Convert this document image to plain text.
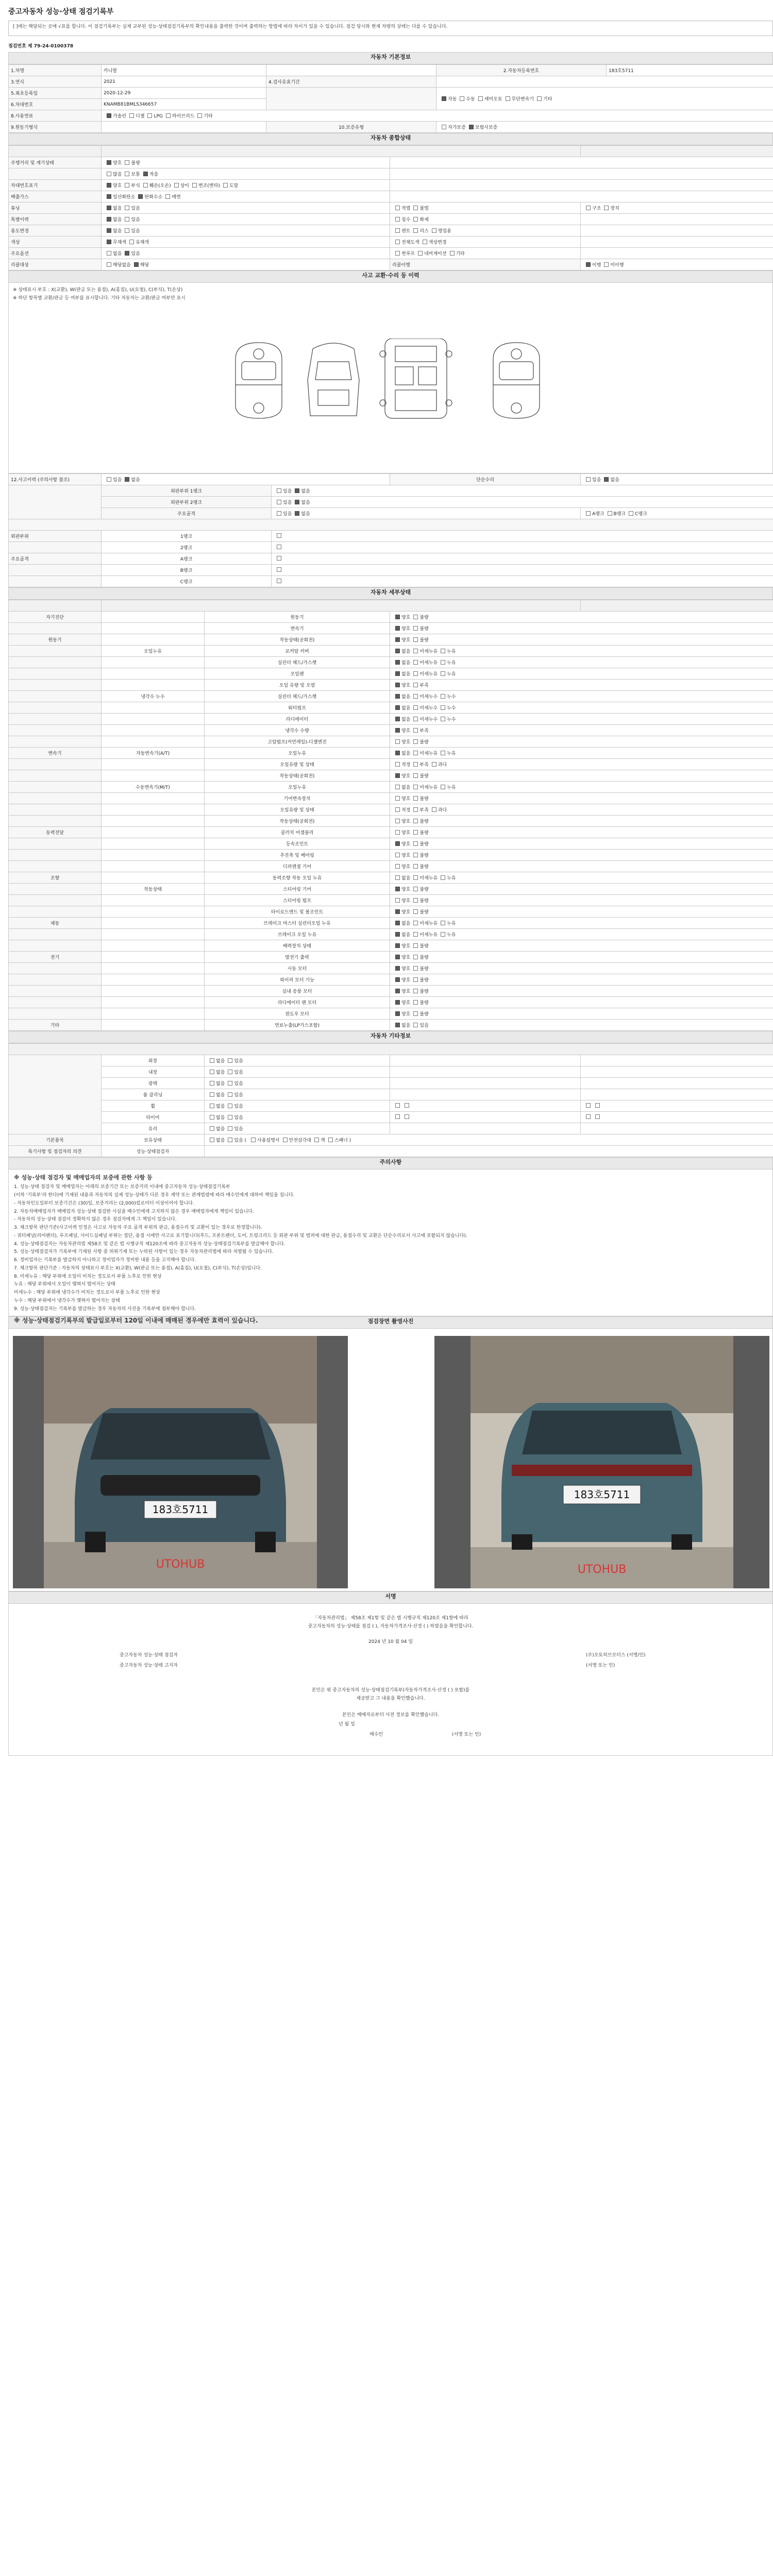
중고자동차 성능·상태 점검기록부
[ ]에는 해당되는 곳에 √표를 합니다. 이 점검기록부는 실제 교부된 성능·상태점검기록부의 확인내용을 출력한 것이며 출력하는 방법에 따라 차이가 있을 수 있습니다. 점검 당시와 현재 차량의 상태는 다를 수 있습니다.
점검번호 제 79-24-0100378
자동차 기본정보
1.차명	카니발		2.자동차등록번호	183호5711
3.연식	2021	4.검사유효기간		
5.최초등록일	2020-12-29		자동 수동 세미오토 무단변속기 기타	
6.차대번호	KNAMB81BMLS346657			
8.사용연료	가솔린 디젤 LPG 하이브리드 기타			
9.원동기형식		10.보증유형	자가보증 보험사보증	
자동차 종합상태

주행거리 및 계기상태	양호 불량		
	많음 보통 적음		
차대번호표기	양호 부식 훼손(오손) 상이 변조(변타) 도말		
배출가스	일산화탄소 탄화수소 매연		
튜닝	없음 있음	적법 불법	구조 장치
특별이력	없음 있음	침수 화재	
용도변경	없음 있음	렌트 리스 영업용	
색상	무채색 유채색	전체도색 색상변경	
주요옵션	없음 있음	썬루프 네비게이션 기타	
리콜대상	해당없음 해당	리콜이행	이행 미이행
사고 교환·수리 등 이력
※ 상태표시 부호 : X(교환), W(판금 또는 용접), A(흠집), U(요철), C(부식), T(손상)
※ 하단 항목별 교환/판금 등 여부를 표시합니다. 기타 자동차는 교환/판금 여부만 표시
12.사고이력 (주의사항 참조)	있음 없음		단순수리	있음 없음
	외판부위 1랭크	있음 없음		
	외판부위 2랭크	있음 없음		
	주요골격	있음 없음		A랭크 B랭크 C랭크

외판부위	1랭크			
	2랭크			
주요골격	A랭크			
	B랭크			
	C랭크			
자동차 세부상태

자기진단		원동기	양호 불량	
		변속기	양호 불량	
원동기		작동상태(공회전)	양호 불량	
	오일누유	로커암 커버	없음 미세누유 누유	
		실린더 헤드/가스켓	없음 미세누유 누유	
		오일팬	없음 미세누유 누유	
		오일 유량 및 오염	양호 부족	
	냉각수 누수	실린더 헤드/가스켓	없음 미세누수 누수	
		워터펌프	없음 미세누수 누수	
		라디에이터	없음 미세누수 누수	
		냉각수 수량	양호 부족	
		고압펌프(커먼레일)-디젤엔진	양호 불량	
변속기	자동변속기(A/T)	오일누유	없음 미세누유 누유	
		오일유량 및 상태	적정 부족 과다	
		작동상태(공회전)	양호 불량	
	수동변속기(M/T)	오일누유	없음 미세누유 누유	
		기어변속장치	양호 불량	
		오일유량 및 상태	적정 부족 과다	
		작동상태(공회전)	양호 불량	
동력전달		클러치 어셈블리	양호 불량	
		등속조인트	양호 불량	
		추진축 및 베어링	양호 불량	
		디퍼렌셜 기어	양호 불량	
조향		동력조향 작동 오일 누유	없음 미세누유 누유	
	작동상태	스티어링 기어	양호 불량	
		스티어링 펌프	양호 불량	
		타이로드엔드 및 볼조인트	양호 불량	
제동		브레이크 마스터 실린더오일 누유	없음 미세누유 누유	
		브레이크 오일 누유	없음 미세누유 누유	
		배력장치 상태	양호 불량	
전기		발전기 출력	양호 불량	
		시동 모터	양호 불량	
		와이퍼 모터 기능	양호 불량	
		실내 송풍 모터	양호 불량	
		라디에이터 팬 모터	양호 불량	
		윈도우 모터	양호 불량	
기타		연료누출(LP가스포함)	없음 있음	
자동차 기타정보

	외장	없음 있음		
	내장	없음 있음		
	광택	없음 있음		
	룸 클리닝	없음 있음		
	휠	없음 있음		
	타이어	없음 있음		
	유리	없음 있음		
기본품목	보유상태	없음 있음 ( 사용설명서 안전삼각대 잭 스패너 )		
특기사항 및 점검자의 의견	성능·상태점검자			
주의사항
※ 성능·상태 점검자 및 매매업자의 보증에 관한 사항 등
1. 성능·상태 점검자 및 매매업자는 아래의 보증기간 또는 보증거리 이내에 중고자동차 성능·상태점검기록부
(이하 '기록부'라 한다)에 기재된 내용과 자동차의 실제 성능·상태가 다른 경우 계약 또는 관계법령에 따라 매수인에게 대하여 책임을 집니다.
- 자동차인도일부터 보증기간은 (30)일, 보증거리는 (2,000)킬로미터 이상이어야 합니다.
2. 자동차매매업자가 매매업자 성능·상태 점검한 사실을 매수인에게 고지하지 않은 경우 매매업자에게 책임이 있습니다.
- 자동차의 성능·상태 점검이 정확하지 않은 경우 점검자에게 그 책임이 있습니다.
3. 체크항목 판단기준(사고이력 인정은 사고로 자동차 주요 골격 부위의 판금, 용접수리 및 교환이 있는 경우로 한정합니다).
- 쿼터패널(리어펜더), 루프패널, 사이드실패널 부위는 절단, 용접 시에만 사고로 표기합니다(후드, 프론트펜더, 도어, 트렁크리드 등 외판 부위 및 범퍼에 대한 판금, 용접수리 및 교환은 단순수리로서 사고에 포함되지 않습니다).
4. 성능·상태점검자는 자동차관리법 제58조 및 같은 법 시행규칙 제120조에 따라 중고자동차 성능·상태점검기록부를 발급해야 합니다.
5. 성능·상태점검자가 기록부에 기재된 사항 중 허위기재 또는 누락된 사항이 있는 경우 자동차관리법에 따라 처벌될 수 있습니다.
6. 정비업자는 기록부를 발급하지 아니하고 정비업자가 정비한 내용 등을 고지해야 합니다.
7. 체크항목 판단기준 : 자동차의 상태표시 부호는 X(교환), W(판금 또는 용접), A(흠집), U(요철), C(부식), T(손상)입니다.
8. 미세누유 : 해당 부위에 오일이 비치는 정도로서 부품 노후로 인한 현상
누유 : 해당 부위에서 오일이 맺혀서 떨어지는 상태
미세누수 : 해당 부위에 냉각수가 비치는 정도로서 부품 노후로 인한 현상
누수 : 해당 부위에서 냉각수가 맺혀서 떨어지는 상태
9. 성능·상태점검자는 기록부를 발급하는 경우 자동차의 사진을 기록부에 첨부해야 합니다.
※ 성능·상태점검기록부의 발급일로부터 120일 이내에 매매된 경우에만 효력이 있습니다.	점검장면 촬영사진
183호5711
UTOHUB
183호5711
UTOHUB
서명
「자동차관리법」 제58조 제1항 및 같은 법 시행규칙 제120조 제1항에 따라
중고자동차의 성능·상태를 점검 ( ), 자동차가격조사·산정 ( ) 하였음을 확인합니다.
2024 년 10 월 04 일
중고자동차 성능·상태 점검자	(주)오토허브모터스 (서명/인)
중고자동차 성능·상태 고지자	(서명 또는 인)
본인은 위 중고자동차의 성능·상태점검기록부(자동차가격조사·산정 ( ) 포함)를
제공받고 그 내용을 확인했습니다.
본인은 매매자로부터 사전 정보를 확인했습니다.
년 월 일
매수인	(서명 또는 인)
